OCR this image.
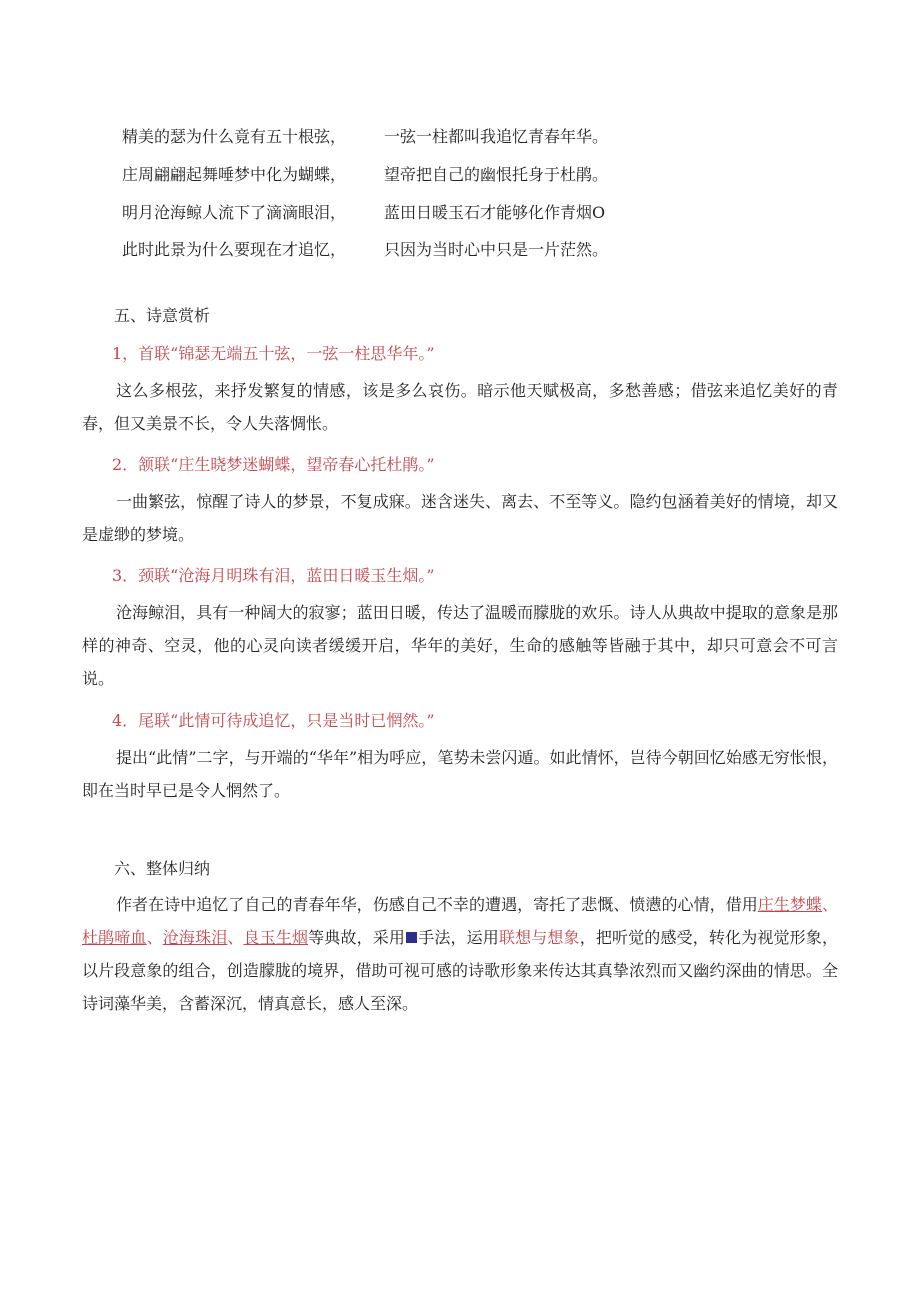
精美的瑟为什么竟有五十根弦， 一弦一柱都叫我追忆青春年华。
庄周翩翩起舞唾梦中化为蝴蝶， 望帝把自己的幽恨托身于杜鹃。
明月沧海鲸人流下了滴滴眼泪， 蓝田日暖玉石才能够化作青烟O
此时此景为什么要现在才追忆， 只因为当时心中只是一片茫然。
五、诗意赏析
1，首联“锦瑟无端五十弦，一弦一柱思华年。”
这么多根弦，来抒发繁复的情感，该是多么哀伤。暗示他天赋极高，多愁善感；借弦来追忆美好的青春，但又美景不长，令人失落惆怅。
2．颔联“庄生晓梦迷蝴蝶，望帝春心托杜鹃。”
一曲繁弦，惊醒了诗人的梦景，不复成寐。迷含迷失、离去、不至等义。隐约包涵着美好的情境，却又是虚缈的梦境。
3．颈联“沧海月明珠有泪，蓝田日暖玉生烟。”
沧海鲸泪，具有一种阔大的寂寥；蓝田日暖，传达了温暖而朦胧的欢乐。诗人从典故中提取的意象是那样的神奇、空灵，他的心灵向读者缓缓开启，华年的美好，生命的感触等皆融于其中，却只可意会不可言说。
4．尾联“此情可待成追忆，只是当时已惘然。”
提出“此情”二字，与开端的“华年”相为呼应，笔势未尝闪遁。如此情怀，岂待今朝回忆始感无穷怅恨，即在当时早已是令人惘然了。
六、整体归纳
作者在诗中追忆了自己的青春年华，伤感自己不幸的遭遇，寄托了悲慨、愤懑的心情，借用庄生梦蝶、杜鹃啼血、沧海珠泪、良玉生烟等典故，采用 手法，运用联想与想象，把听觉的感受，转化为视觉形象，以片段意象的组合，创造朦胧的境界，借助可视可感的诗歌形象来传达其真挚浓烈而又幽约深曲的情思。全诗词藻华美，含蓄深沉，情真意长，感人至深。
